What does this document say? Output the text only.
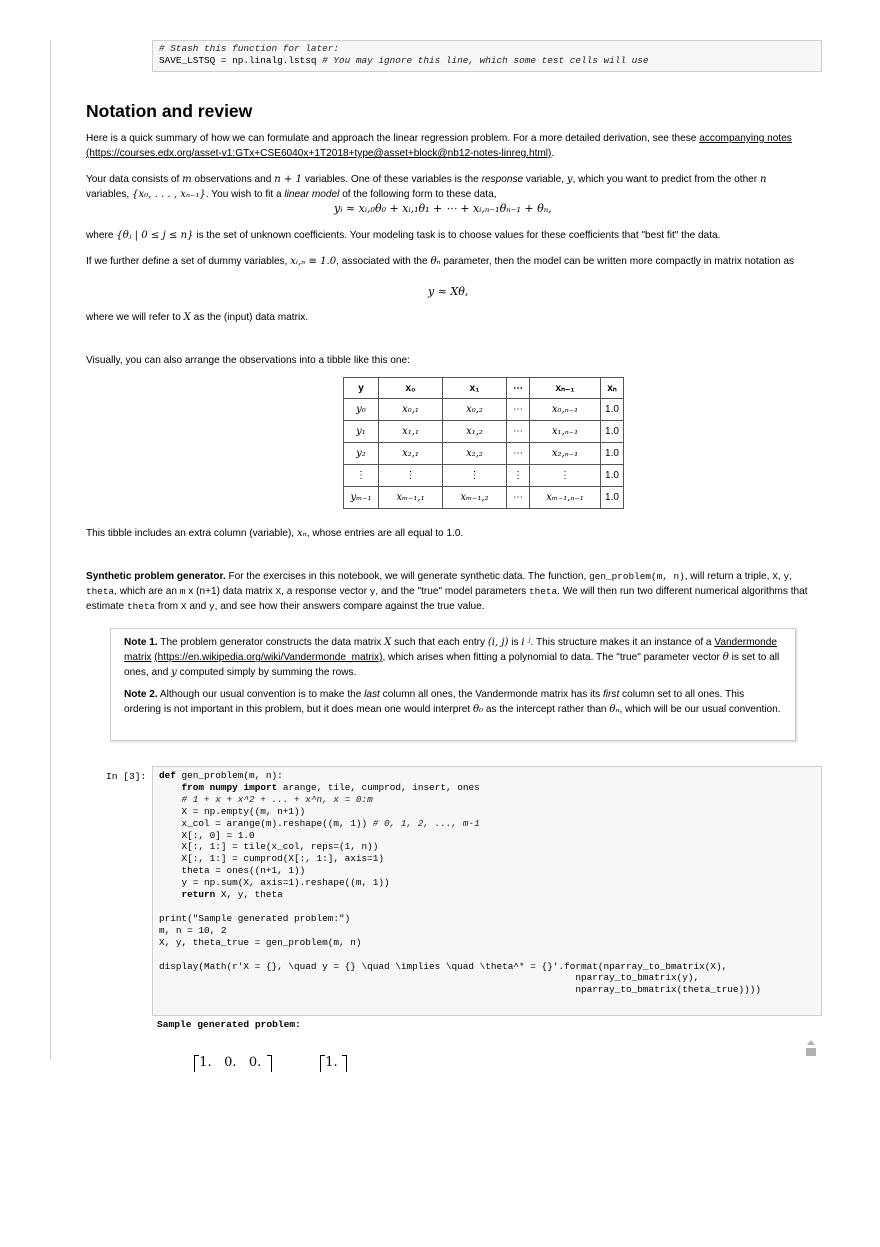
# Stash this function for later:
SAVE_LSTSQ = np.linalg.lstsq # You may ignore this line, which some test cells will use
Notation and review

Here is a quick summary of how we can formulate and approach the linear regression problem. For a more detailed derivation, see these accompanying notes
(https://courses.edx.org/asset-v1:GTx+CSE6040x+1T2018+type@asset+block@nb12-notes-linreg.html).

Your data consists of m observations and n + 1 variables. One of these variables is the response variable, y, which you want to predict from the other n
variables, {x₀, . . . , xₙ₋₁}. You wish to fit a linear model of the following form to these data,

yᵢ ≈ xᵢ,₀θ₀ + xᵢ,₁θ₁ + ⋯ + xᵢ,ₙ₋₁θₙ₋₁ + θₙ,

where {θⱼ | 0 ≤ j ≤ n} is the set of unknown coefficients. Your modeling task is to choose values for these coefficients that "best fit" the data.

If we further define a set of dummy variables, xᵢ,ₙ ≡ 1.0, associated with the θₙ parameter, then the model can be written more compactly in matrix notation as

y ≈ Xθ,

where we will refer to X as the (input) data matrix.

Visually, you can also arrange the observations into a tibble like this one:

y	x₀	x₁	⋯	xₙ₋₁	xₙ
y₀	x₀,₁	x₀,₂	⋯	x₀,ₙ₋₁	1.0
y₁	x₁,₁	x₁,₂	⋯	x₁,ₙ₋₁	1.0
y₂	x₂,₁	x₂,₂	⋯	x₂,ₙ₋₁	1.0
⋮	⋮	⋮	⋮	⋮	1.0
yₘ₋₁	xₘ₋₁,₁	xₘ₋₁,₂	⋯	xₘ₋₁,ₙ₋₁	1.0

This tibble includes an extra column (variable), xₙ, whose entries are all equal to 1.0.

Synthetic problem generator. For the exercises in this notebook, we will generate synthetic data. The function, gen_problem(m, n), will return a triple, X, y, theta, which are an m x (n+1) data matrix X, a response vector y, and the "true" model parameters theta. We will then run two different numerical algorithms that estimate theta from X and y, and see how their answers compare against the true value.

Note 1. The problem generator constructs the data matrix X such that each entry (i, j) is i ʲ. This structure makes it an instance of a Vandermonde matrix (https://en.wikipedia.org/wiki/Vandermonde_matrix), which arises when fitting a polynomial to data. The "true" parameter vector θ is set to all ones, and y computed simply by summing the rows.

Note 2. Although our usual convention is to make the last column all ones, the Vandermonde matrix has its first column set to all ones. This ordering is not important in this problem, but it does mean one would interpret θ₀ as the intercept rather than θₙ, which will be our usual convention.

In [3]:	def gen_problem(m, n):
from numpy import arange, tile, cumprod, insert, ones
# 1 + x + x^2 + ... + x^n, x = 0:m
X = np.empty((m, n+1))
x_col = arange(m).reshape((m, 1)) # 0, 1, 2, ..., m-1
X[:, 0] = 1.0
X[:, 1:] = tile(x_col, reps=(1, n))
X[:, 1:] = cumprod(X[:, 1:], axis=1)
theta = ones((n+1, 1))
y = np.sum(X, axis=1).reshape((m, 1))
return X, y, theta

print("Sample generated problem:")
m, n = 10, 2
X, y, theta_true = gen_problem(m, n)

display(Math(r'X = {}, \quad y = {} \quad \implies \quad \theta^* = {}'.format(nparray_to_bmatrix(X),
nparray_to_bmatrix(y),
nparray_to_bmatrix(theta_true))))
Sample generated problem:

1.   0.   0.	1.
